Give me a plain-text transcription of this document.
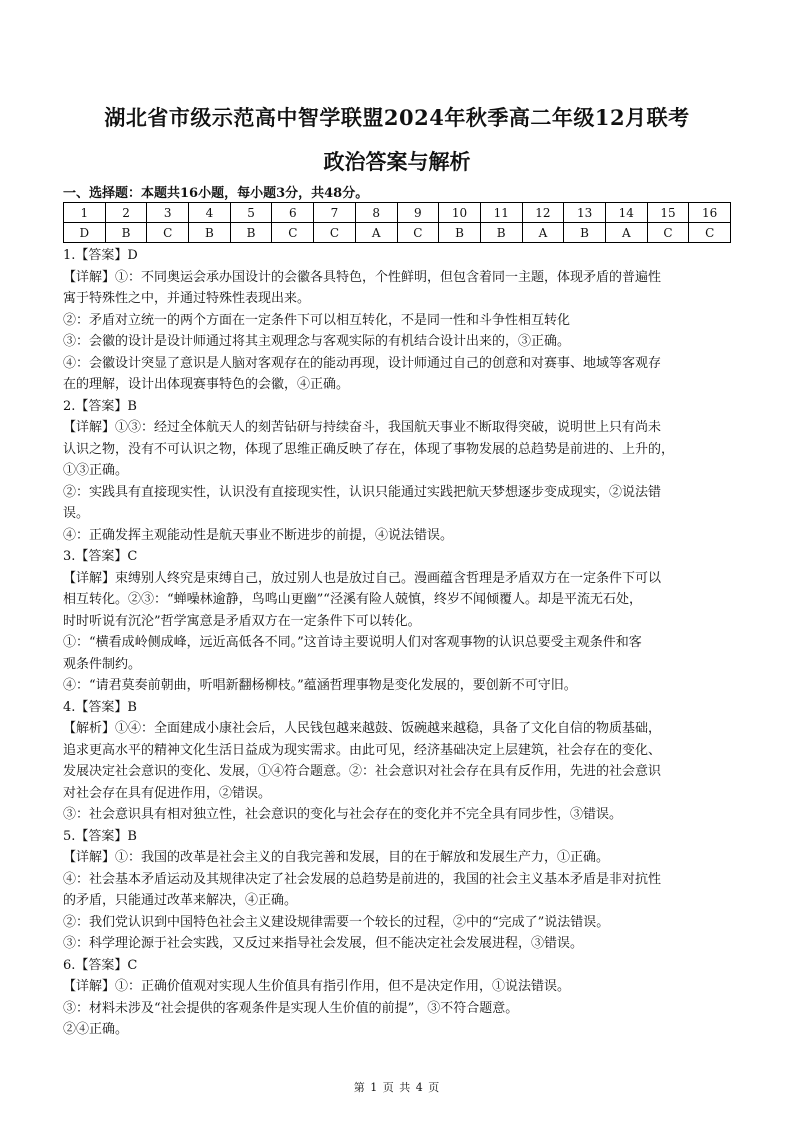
湖北省市级示范高中智学联盟2024年秋季高二年级12月联考
政治答案与解析
一、选择题：本题共16小题，每小题3分，共48分。
1	2	3	4	5	6	7	8	9	10	11	12	13	14	15	16
D	B	C	B	B	C	C	A	C	B	B	A	B	A	C	C

1.【答案】D

【详解】①：不同奥运会承办国设计的会徽各具特色，个性鲜明，但包含着同一主题，体现矛盾的普遍性

寓于特殊性之中，并通过特殊性表现出来。

②：矛盾对立统一的两个方面在一定条件下可以相互转化，不是同一性和斗争性相互转化

③：会徽的设计是设计师通过将其主观理念与客观实际的有机结合设计出来的，③正确。

④：会徽设计突显了意识是人脑对客观存在的能动再现，设计师通过自己的创意和对赛事、地域等客观存

在的理解，设计出体现赛事特色的会徽，④正确。

2.【答案】B

【详解】①③：经过全体航天人的刻苦钻研与持续奋斗，我国航天事业不断取得突破，说明世上只有尚未

认识之物，没有不可认识之物，体现了思维正确反映了存在，体现了事物发展的总趋势是前进的、上升的，

①③正确。

②：实践具有直接现实性，认识没有直接现实性，认识只能通过实践把航天梦想逐步变成现实，②说法错

误。

④：正确发挥主观能动性是航天事业不断进步的前提，④说法错误。

3.【答案】C

【详解】束缚别人终究是束缚自己，放过别人也是放过自己。漫画蕴含哲理是矛盾双方在一定条件下可以

相互转化。②③：“蝉噪林逾静，鸟鸣山更幽”“泾溪有险人兢慎，终岁不闻倾覆人。却是平流无石处，

时时听说有沉沦”哲学寓意是矛盾双方在一定条件下可以转化。

①：“横看成岭侧成峰，远近高低各不同。”这首诗主要说明人们对客观事物的认识总要受主观条件和客

观条件制约。

④：“请君莫奏前朝曲，听唱新翻杨柳枝。”蕴涵哲理事物是变化发展的，要创新不可守旧。

4.【答案】B

【解析】①④：全面建成小康社会后，人民钱包越来越鼓、饭碗越来越稳，具备了文化自信的物质基础，

追求更高水平的精神文化生活日益成为现实需求。由此可见，经济基础决定上层建筑，社会存在的变化、

发展决定社会意识的变化、发展，①④符合题意。②：社会意识对社会存在具有反作用，先进的社会意识

对社会存在具有促进作用，②错误。

③：社会意识具有相对独立性，社会意识的变化与社会存在的变化并不完全具有同步性，③错误。

5.【答案】B

【详解】①：我国的改革是社会主义的自我完善和发展，目的在于解放和发展生产力，①正确。

④：社会基本矛盾运动及其规律决定了社会发展的总趋势是前进的，我国的社会主义基本矛盾是非对抗性

的矛盾，只能通过改革来解决，④正确。

②：我们党认识到中国特色社会主义建设规律需要一个较长的过程，②中的“完成了”说法错误。

③：科学理论源于社会实践，又反过来指导社会发展，但不能决定社会发展进程，③错误。

6.【答案】C

【详解】①：正确价值观对实现人生价值具有指引作用，但不是决定作用，①说法错误。

③：材料未涉及“社会提供的客观条件是实现人生价值的前提”，③不符合题意。

②④正确。

第 1 页 共 4 页
